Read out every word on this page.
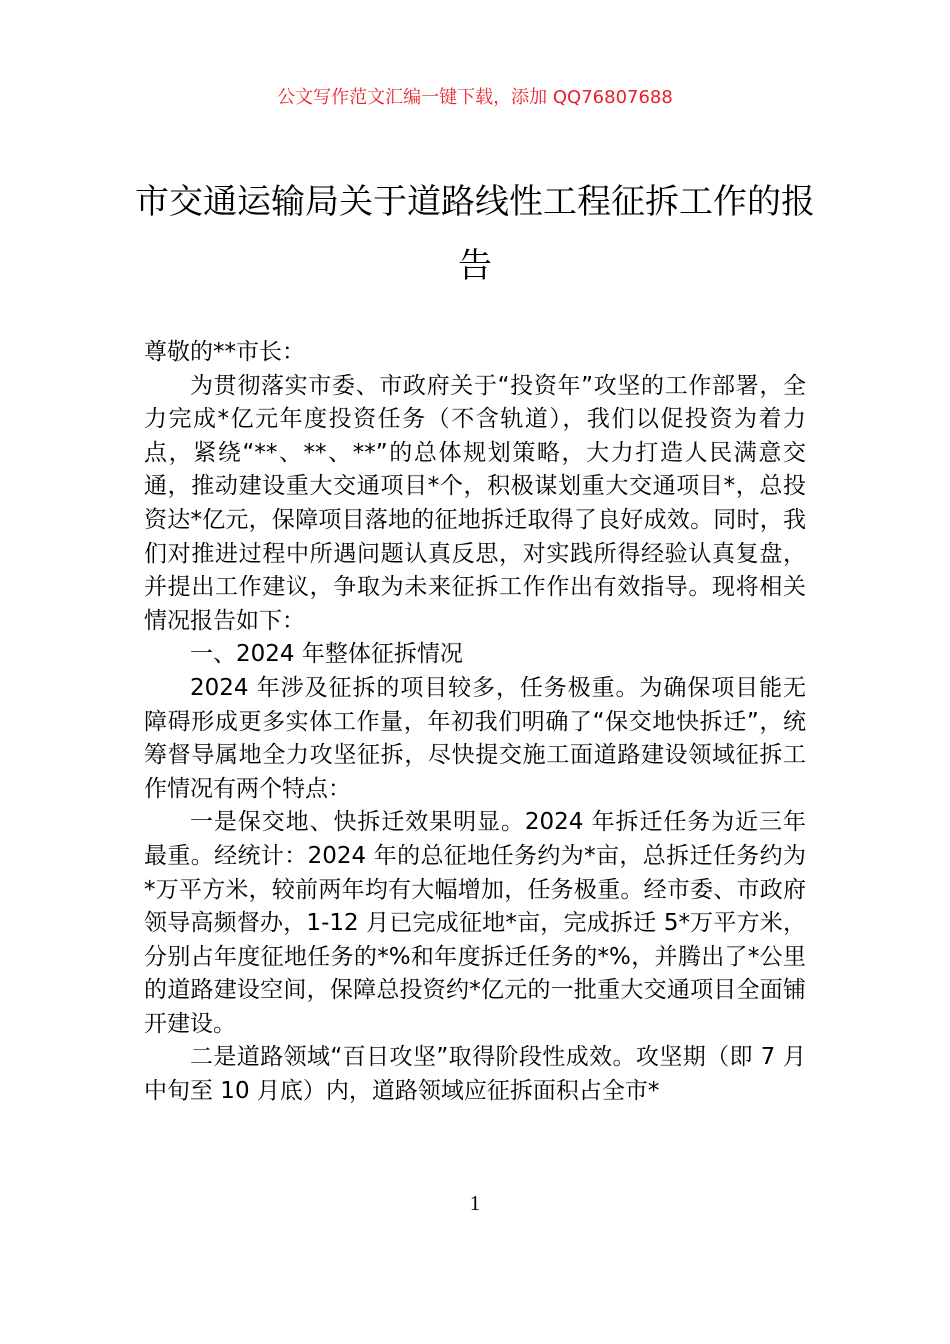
公文写作范文汇编一键下载，添加 QQ76807688
市交通运输局关于道路线性工程征拆工作的报告

尊敬的**市长：

为贯彻落实市委、市政府关于“投资年”攻坚的工作部署，全力完成*亿元年度投资任务（不含轨道），我们以促投资为着力点，紧绕“**、**、**”的总体规划策略，大力打造人民满意交通，推动建设重大交通项目*个，积极谋划重大交通项目*，总投资达*亿元，保障项目落地的征地拆迁取得了良好成效。同时，我们对推进过程中所遇问题认真反思，对实践所得经验认真复盘，并提出工作建议，争取为未来征拆工作作出有效指导。现将相关情况报告如下：

一、2024 年整体征拆情况

2024 年涉及征拆的项目较多，任务极重。为确保项目能无障碍形成更多实体工作量，年初我们明确了“保交地快拆迁”，统筹督导属地全力攻坚征拆，尽快提交施工面道路建设领域征拆工作情况有两个特点：

一是保交地、快拆迁效果明显。2024 年拆迁任务为近三年最重。经统计：2024 年的总征地任务约为*亩，总拆迁任务约为*万平方米，较前两年均有大幅增加，任务极重。经市委、市政府领导高频督办，1-12 月已完成征地*亩，完成拆迁 5*万平方米，分别占年度征地任务的*%和年度拆迁任务的*%，并腾出了*公里的道路建设空间，保障总投资约*亿元的一批重大交通项目全面铺开建设。

二是道路领域“百日攻坚”取得阶段性成效。攻坚期（即 7 月中旬至 10 月底）内，道路领域应征拆面积占全市*

1
